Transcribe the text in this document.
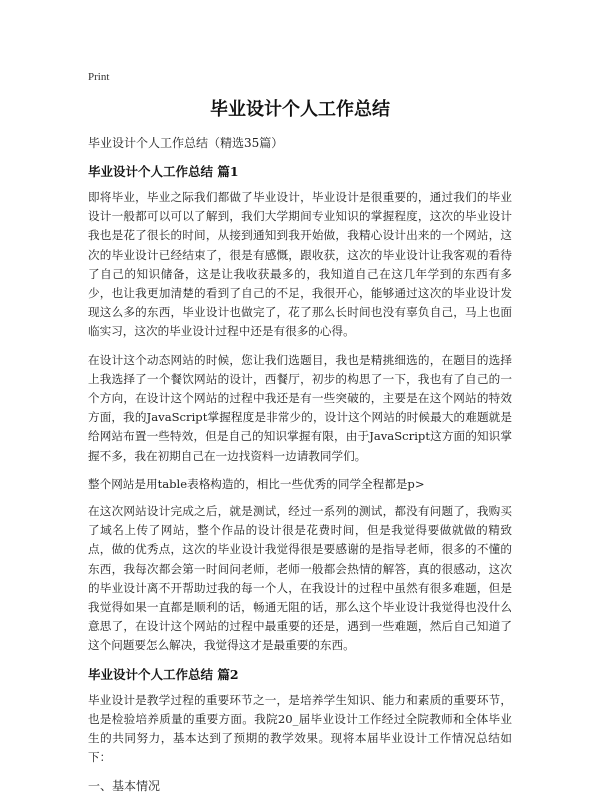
Print
毕业设计个人工作总结
毕业设计个人工作总结（精选35篇）
毕业设计个人工作总结 篇1

即将毕业，毕业之际我们都做了毕业设计，毕业设计是很重要的，通过我们的毕业设计一般都可以可以了解到，我们大学期间专业知识的掌握程度，这次的毕业设计我也是花了很长的时间，从接到通知到我开始做，我精心设计出来的一个网站，这次的毕业设计已经结束了，很是有感慨，跟收获，这次的毕业设计让我客观的看待了自己的知识储备，这是让我收获最多的，我知道自己在这几年学到的东西有多少，也让我更加清楚的看到了自己的不足，我很开心，能够通过这次的毕业设计发现这么多的东西，毕业设计也做完了，花了那么长时间也没有辜负自己，马上也面临实习，这次的毕业设计过程中还是有很多的心得。

在设计这个动态网站的时候，您让我们选题目，我也是精挑细选的，在题目的选择上我选择了一个餐饮网站的设计，西餐厅，初步的构思了一下，我也有了自己的一个方向，在设计这个网站的过程中我还是有一些突破的，主要是在这个网站的特效方面，我的JavaScript掌握程度是非常少的，设计这个网站的时候最大的难题就是给网站布置一些特效，但是自己的知识掌握有限，由于JavaScript这方面的知识掌握不多，我在初期自己在一边找资料一边请教同学们。

整个网站是用table表格构造的，相比一些优秀的同学全程都是p>

在这次网站设计完成之后，就是测试，经过一系列的测试，都没有问题了，我购买了域名上传了网站，整个作品的设计很是花费时间，但是我觉得要做就做的精致点，做的优秀点，这次的毕业设计我觉得很是要感谢的是指导老师，很多的不懂的东西，我每次都会第一时间问老师，老师一般都会热情的解答，真的很感动，这次的毕业设计离不开帮助过我的每一个人，在我设计的过程中虽然有很多难题，但是我觉得如果一直都是顺利的话，畅通无阻的话，那么这个毕业设计我觉得也没什么意思了，在设计这个网站的过程中最重要的还是，遇到一些难题，然后自己知道了这个问题要怎么解决，我觉得这才是最重要的东西。

毕业设计个人工作总结 篇2

毕业设计是教学过程的重要环节之一，是培养学生知识、能力和素质的重要环节，也是检验培养质量的重要方面。我院20_届毕业设计工作经过全院教师和全体毕业生的共同努力，基本达到了预期的教学效果。现将本届毕业设计工作情况总结如下：

一、基本情况
